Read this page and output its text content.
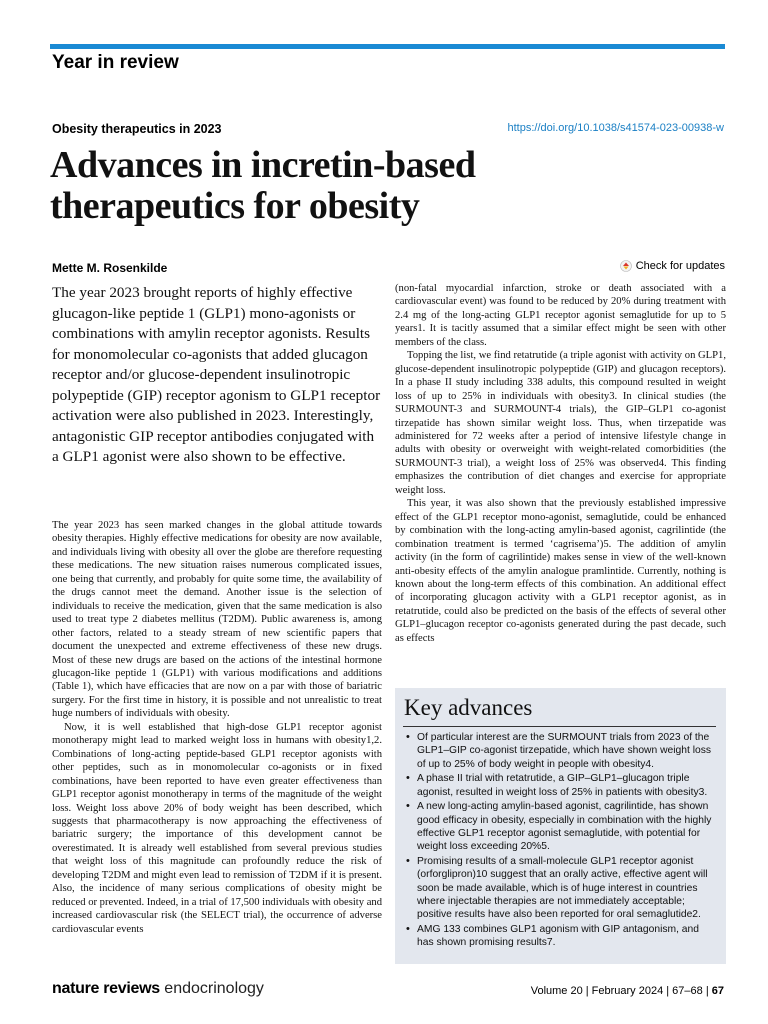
Year in review
Obesity therapeutics in 2023	https://doi.org/10.1038/s41574-023-00938-w
Advances in incretin-based therapeutics for obesity
Mette M. Rosenkilde	Check for updates
The year 2023 brought reports of highly effective glucagon-like peptide 1 (GLP1) mono-agonists or combinations with amylin receptor agonists. Results for monomolecular co-agonists that added glucagon receptor and/or glucose-dependent insulinotropic polypeptide (GIP) receptor agonism to GLP1 receptor activation were also published in 2023. Interestingly, antagonistic GIP receptor antibodies conjugated with a GLP1 agonist were also shown to be effective.

The year 2023 has seen marked changes in the global attitude towards obesity therapies. Highly effective medications for obesity are now available, and individuals living with obesity all over the globe are therefore requesting these medications. The new situation raises numerous complicated issues, one being that currently, and probably for quite some time, the availability of the drugs cannot meet the demand. Another issue is the selection of individuals to receive the medication, given that the same medication is also used to treat type 2 diabetes mellitus (T2DM). Public awareness is, among other factors, related to a steady stream of new scientific papers that document the unexpected and extreme effectiveness of these new drugs. Most of these new drugs are based on the actions of the intestinal hormone glucagon-like peptide 1 (GLP1) with various modifications and additions (Table 1), which have efficacies that are now on a par with those of bariatric surgery. For the first time in history, it is possible and not unrealistic to treat huge numbers of individuals with obesity.

Now, it is well established that high-dose GLP1 receptor agonist monotherapy might lead to marked weight loss in humans with obesity1,2. Combinations of long-acting peptide-based GLP1 receptor agonists with other peptides, such as in monomolecular co-agonists or in fixed combinations, have been reported to have even greater effectiveness than GLP1 receptor agonist monotherapy in terms of the magnitude of the weight loss. Weight loss above 20% of body weight has been described, which suggests that pharmacotherapy is now approaching the effectiveness of bariatric surgery; the importance of this development cannot be overestimated. It is already well established from several previous studies that weight loss of this magnitude can profoundly reduce the risk of developing T2DM and might even lead to remission of T2DM if it is present. Also, the incidence of many serious complications of obesity might be reduced or prevented. Indeed, in a trial of 17,500 individuals with obesity and increased cardiovascular risk (the SELECT trial), the occurrence of adverse cardiovascular events

(non-fatal myocardial infarction, stroke or death associated with a cardiovascular event) was found to be reduced by 20% during treatment with 2.4 mg of the long-acting GLP1 receptor agonist semaglutide for up to 5 years1. It is tacitly assumed that a similar effect might be seen with other members of the class.

Topping the list, we find retatrutide (a triple agonist with activity on GLP1, glucose-dependent insulinotropic polypeptide (GIP) and glucagon receptors). In a phase II study including 338 adults, this compound resulted in weight loss of up to 25% in individuals with obesity3. In clinical studies (the SURMOUNT-3 and SURMOUNT-4 trials), the GIP–GLP1 co-agonist tirzepatide has shown similar weight loss. Thus, when tirzepatide was administered for 72 weeks after a period of intensive lifestyle change in adults with obesity or overweight with weight-related comorbidities (the SURMOUNT-3 trial), a weight loss of 25% was observed4. This finding emphasizes the contribution of diet changes and exercise for appropriate weight loss.

This year, it was also shown that the previously established impressive effect of the GLP1 receptor mono-agonist, semaglutide, could be enhanced by combination with the long-acting amylin-based agonist, cagrilintide (the combination treatment is termed ‘cagrisema’)5. The addition of amylin activity (in the form of cagrilintide) makes sense in view of the well-known anti-obesity effects of the amylin analogue pramlintide. Currently, nothing is known about the long-term effects of this combination. An additional effect of incorporating glucagon activity with a GLP1 receptor agonist, as in retatrutide, could also be predicted on the basis of the effects of several other GLP1–glucagon receptor co-agonists generated during the past decade, such as effects

Key advances
• Of particular interest are the SURMOUNT trials from 2023 of the GLP1–GIP co-agonist tirzepatide, which have shown weight loss of up to 25% of body weight in people with obesity4.
• A phase II trial with retatrutide, a GIP–GLP1–glucagon triple agonist, resulted in weight loss of 25% in patients with obesity3.
• A new long-acting amylin-based agonist, cagrilintide, has shown good efficacy in obesity, especially in combination with the highly effective GLP1 receptor agonist semaglutide, with potential for weight loss exceeding 20%5.
• Promising results of a small-molecule GLP1 receptor agonist (orforglipron)10 suggest that an orally active, effective agent will soon be made available, which is of huge interest in countries where injectable therapies are not immediately acceptable; positive results have also been reported for oral semaglutide2.
• AMG 133 combines GLP1 agonism with GIP antagonism, and has shown promising results7.
nature reviews endocrinology	Volume 20 | February 2024 | 67–68 | 67
